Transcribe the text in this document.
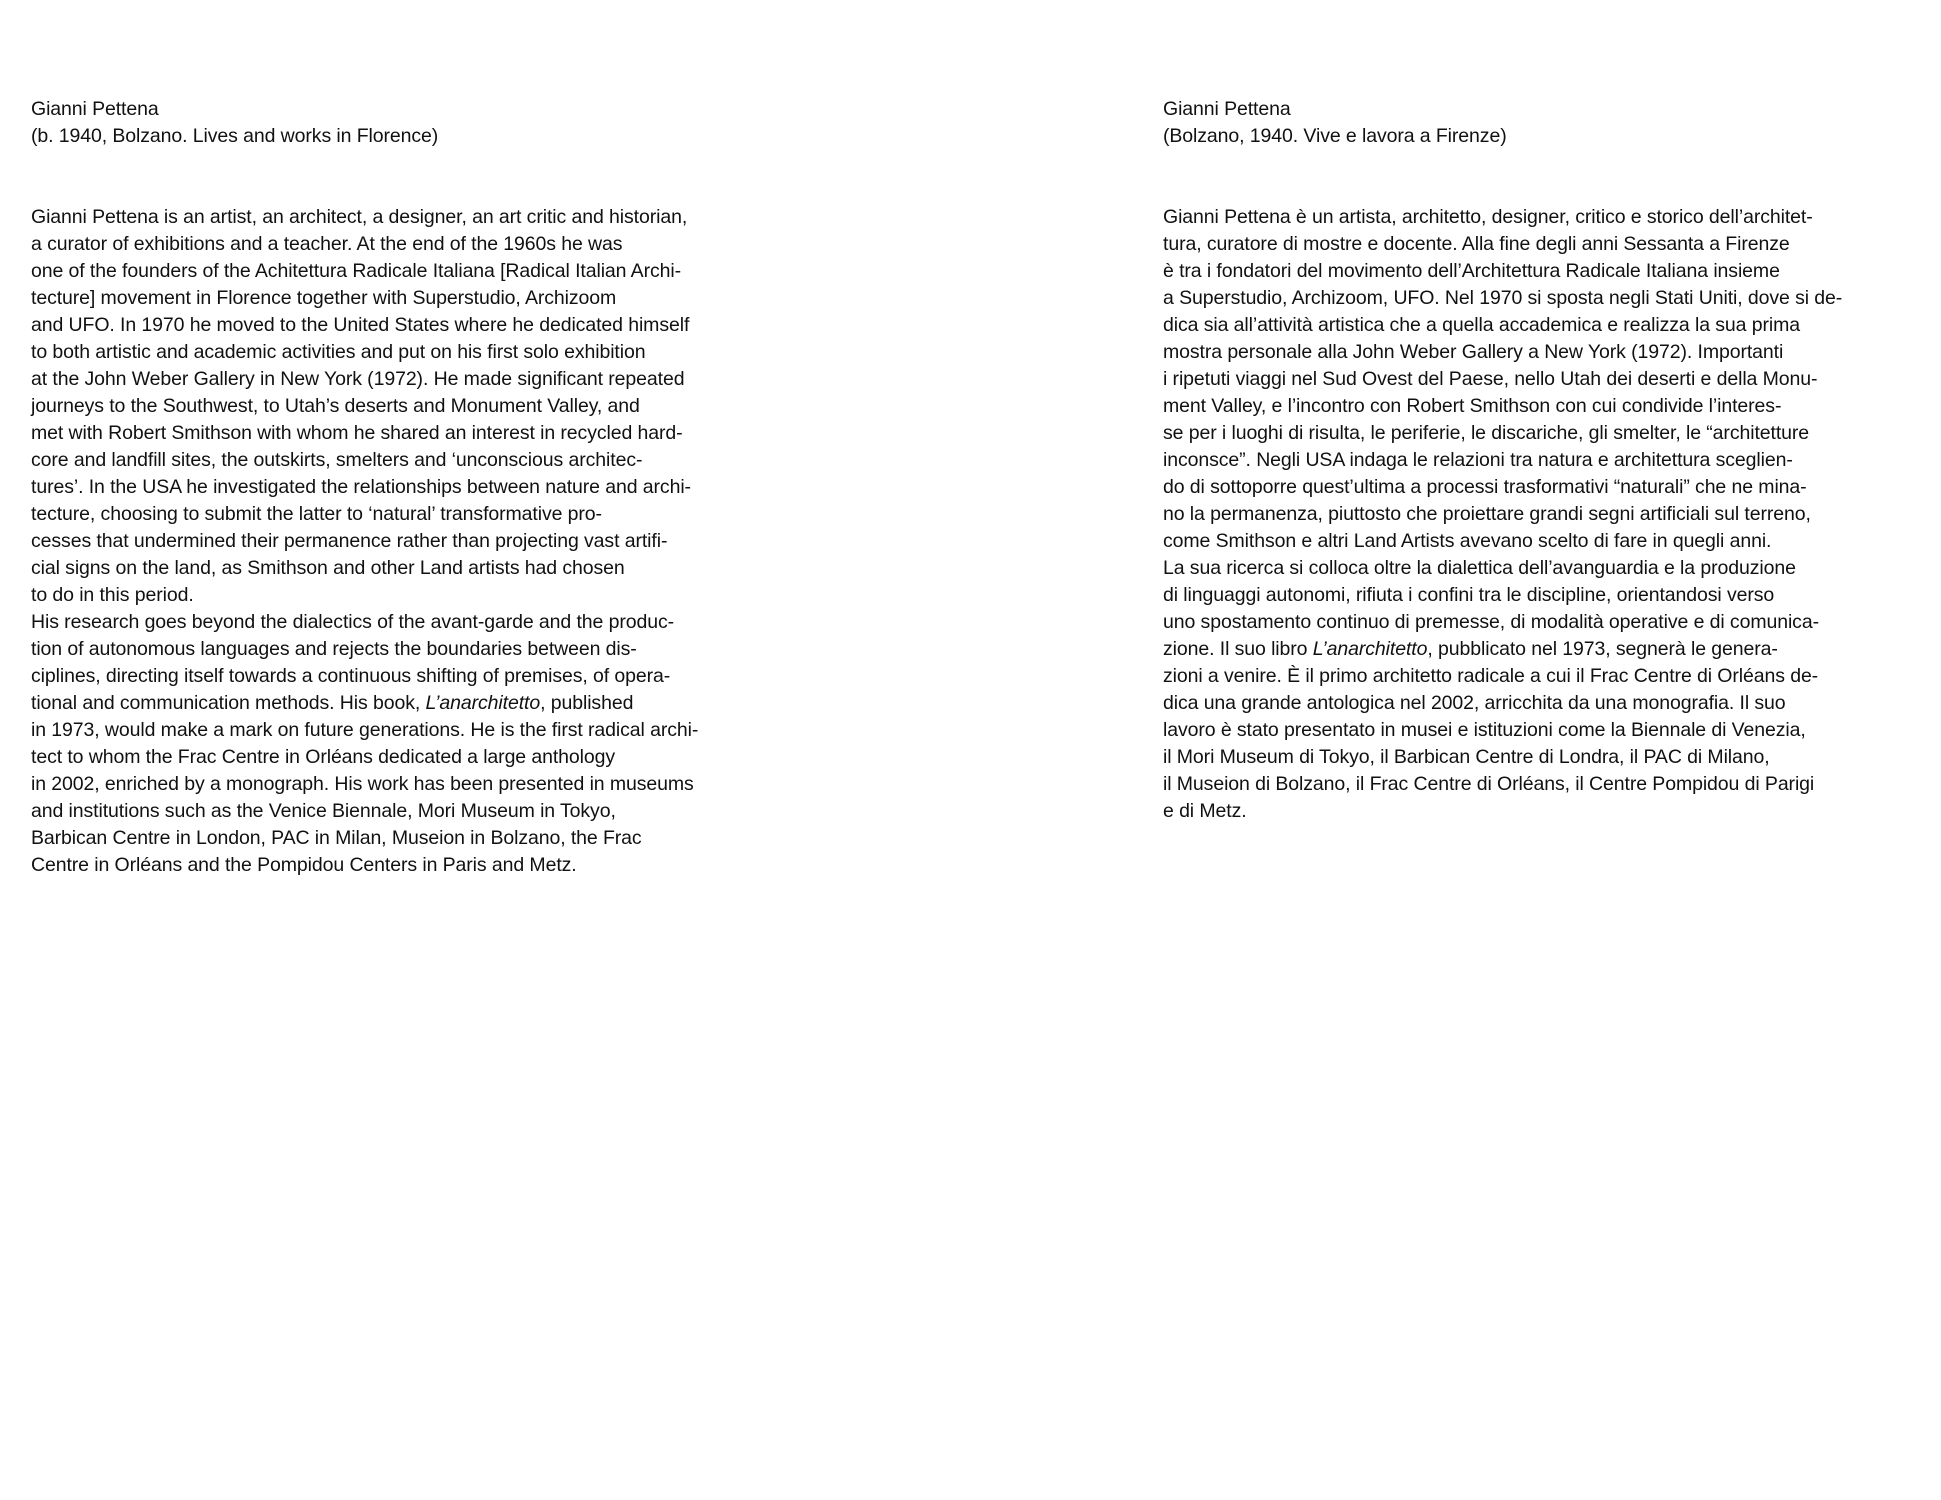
Gianni Pettena
(b. 1940, Bolzano. Lives and works in Florence)
Gianni Pettena is an artist, an architect, a designer, an art critic and historian,
a curator of exhibitions and a teacher. At the end of the 1960s he was
one of the founders of the Achitettura Radicale Italiana [Radical Italian Archi-
tecture] movement in Florence together with Superstudio, Archizoom
and UFO. In 1970 he moved to the United States where he dedicated himself
to both artistic and academic activities and put on his first solo exhibition
at the John Weber Gallery in New York (1972). He made significant repeated
journeys to the Southwest, to Utah’s deserts and Monument Valley, and
met with Robert Smithson with whom he shared an interest in recycled hard-
core and landfill sites, the outskirts, smelters and ‘unconscious architec-
tures’. In the USA he investigated the relationships between nature and archi-
tecture, choosing to submit the latter to ‘natural’ transformative pro-
cesses that undermined their permanence rather than projecting vast artifi-
cial signs on the land, as Smithson and other Land artists had chosen
to do in this period.
His research goes beyond the dialectics of the avant-garde and the produc-
tion of autonomous languages and rejects the boundaries between dis-
ciplines, directing itself towards a continuous shifting of premises, of opera-
tional and communication methods. His book, L’anarchitetto, published
in 1973, would make a mark on future generations. He is the first radical archi-
tect to whom the Frac Centre in Orléans dedicated a large anthology
in 2002, enriched by a monograph. His work has been presented in museums
and institutions such as the Venice Biennale, Mori Museum in Tokyo,
Barbican Centre in London, PAC in Milan, Museion in Bolzano, the Frac
Centre in Orléans and the Pompidou Centers in Paris and Metz.
Gianni Pettena
(Bolzano, 1940. Vive e lavora a Firenze)
Gianni Pettena è un artista, architetto, designer, critico e storico dell’architet-
tura, curatore di mostre e docente. Alla fine degli anni Sessanta a Firenze
è tra i fondatori del movimento dell’Architettura Radicale Italiana insieme
a Superstudio, Archizoom, UFO. Nel 1970 si sposta negli Stati Uniti, dove si de-
dica sia all’attività artistica che a quella accademica e realizza la sua prima
mostra personale alla John Weber Gallery a New York (1972). Importanti
i ripetuti viaggi nel Sud Ovest del Paese, nello Utah dei deserti e della Monu-
ment Valley, e l’incontro con Robert Smithson con cui condivide l’interes-
se per i luoghi di risulta, le periferie, le discariche, gli smelter, le “architetture
inconsce”. Negli USA indaga le relazioni tra natura e architettura sceglien-
do di sottoporre quest’ultima a processi trasformativi “naturali” che ne mina-
no la permanenza, piuttosto che proiettare grandi segni artificiali sul terreno,
come Smithson e altri Land Artists avevano scelto di fare in quegli anni.
La sua ricerca si colloca oltre la dialettica dell’avanguardia e la produzione
di linguaggi autonomi, rifiuta i confini tra le discipline, orientandosi verso
uno spostamento continuo di premesse, di modalità operative e di comunica-
zione. Il suo libro L’anarchitetto, pubblicato nel 1973, segnerà le genera-
zioni a venire. È il primo architetto radicale a cui il Frac Centre di Orléans de-
dica una grande antologica nel 2002, arricchita da una monografia. Il suo
lavoro è stato presentato in musei e istituzioni come la Biennale di Venezia,
il Mori Museum di Tokyo, il Barbican Centre di Londra, il PAC di Milano,
il Museion di Bolzano, il Frac Centre di Orléans, il Centre Pompidou di Parigi
e di Metz.
